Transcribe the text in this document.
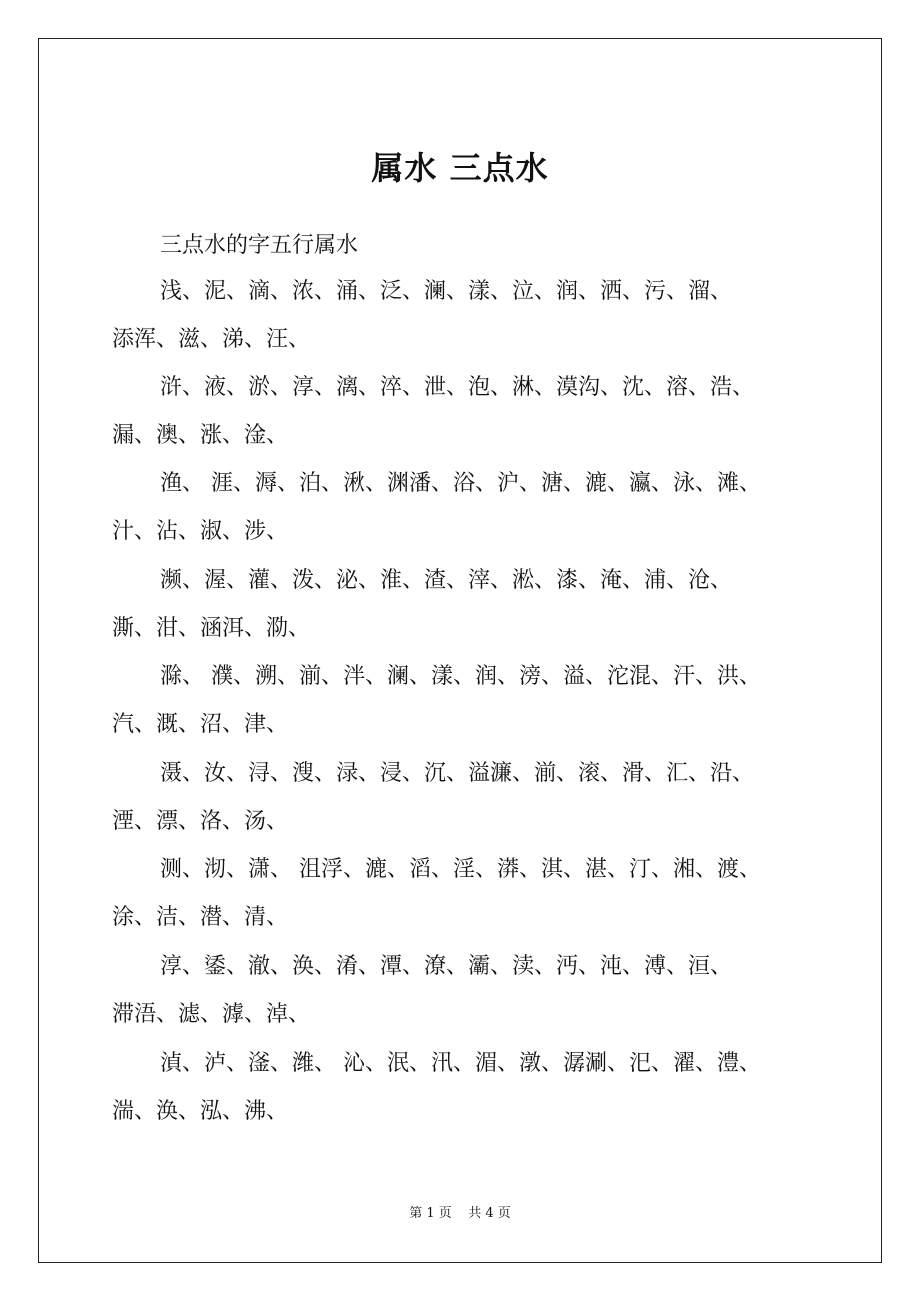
属水 三点水
三点水的字五行属水
浅、泥、滴、浓、涌、泛、澜、漾、泣、润、洒、污、溜、
添浑、滋、涕、汪、
浒、液、淤、淳、漓、淬、泄、泡、淋、漠沟、沈、溶、浩、
漏、澳、涨、淦、
渔、 涯、溽、泊、湫、渊潘、浴、沪、溏、漉、瀛、泳、滩、
汁、沾、淑、涉、
濒、渥、灌、泼、泌、淮、渣、滓、淞、漆、淹、浦、沧、
澌、泔、涵洱、泐、
滁、 濮、溯、湔、泮、澜、漾、润、滂、溢、沱混、汗、洪、
汽、溉、沼、津、
滠、汝、浔、溲、渌、浸、沉、溢濂、湔、滚、滑、汇、沿、
湮、漂、洛、汤、
测、沏、潇、 沮浮、漉、滔、淫、漭、淇、湛、汀、湘、渡、
涂、洁、潜、清、
淳、鋈、澈、涣、淆、潭、潦、灞、渎、沔、沌、溥、洹、
滞浯、滤、滹、淖、
湞、泸、滏、潍、 沁、泯、汛、湄、潡、潺涮、汜、濯、澧、
湍、涣、泓、沸、
第 1 页    共 4 页
